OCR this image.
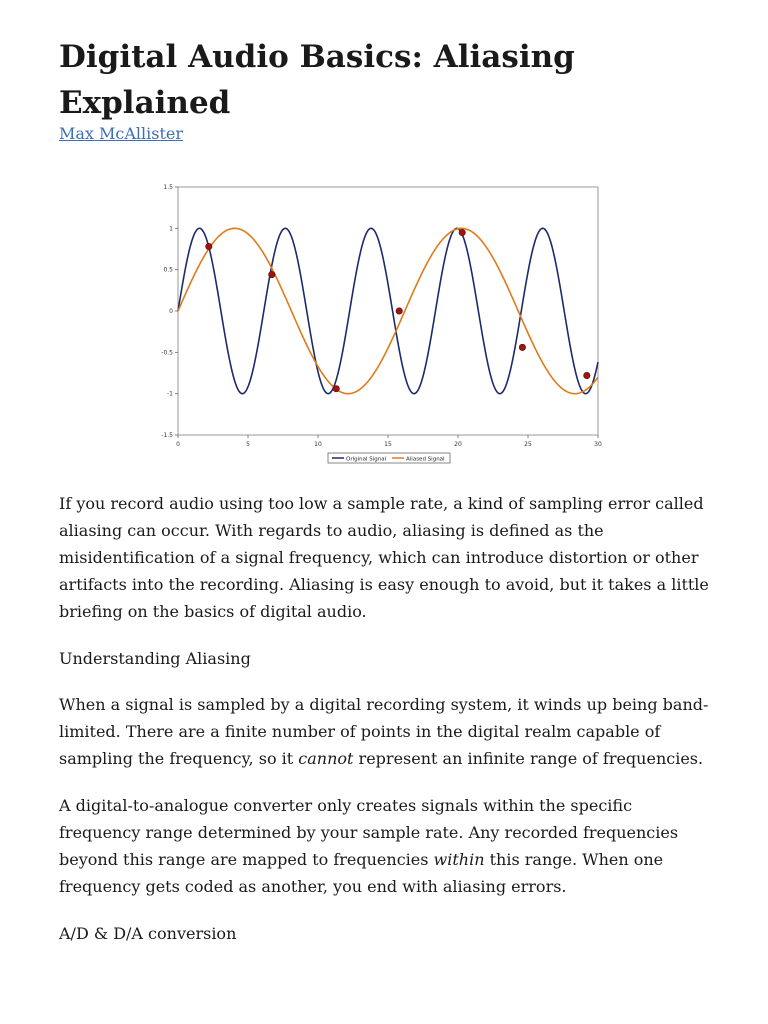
Digital Audio Basics: Aliasing Explained
Max McAllister
1.5
1
0.5
0
-0.5
-1
-1.5
0	5	10	15	20	25	30
Original Signal	Aliased Signal

If you record audio using too low a sample rate, a kind of sampling error called aliasing can occur. With regards to audio, aliasing is defined as the misidentification of a signal frequency, which can introduce distortion or other artifacts into the recording. Aliasing is easy enough to avoid, but it takes a little briefing on the basics of digital audio.

Understanding Aliasing

When a signal is sampled by a digital recording system, it winds up being band-limited. There are a finite number of points in the digital realm capable of sampling the frequency, so it cannot represent an infinite range of frequencies.

A digital-to-analogue converter only creates signals within the specific frequency range determined by your sample rate. Any recorded frequencies beyond this range are mapped to frequencies within this range. When one frequency gets coded as another, you end with aliasing errors.

A/D & D/A conversion
